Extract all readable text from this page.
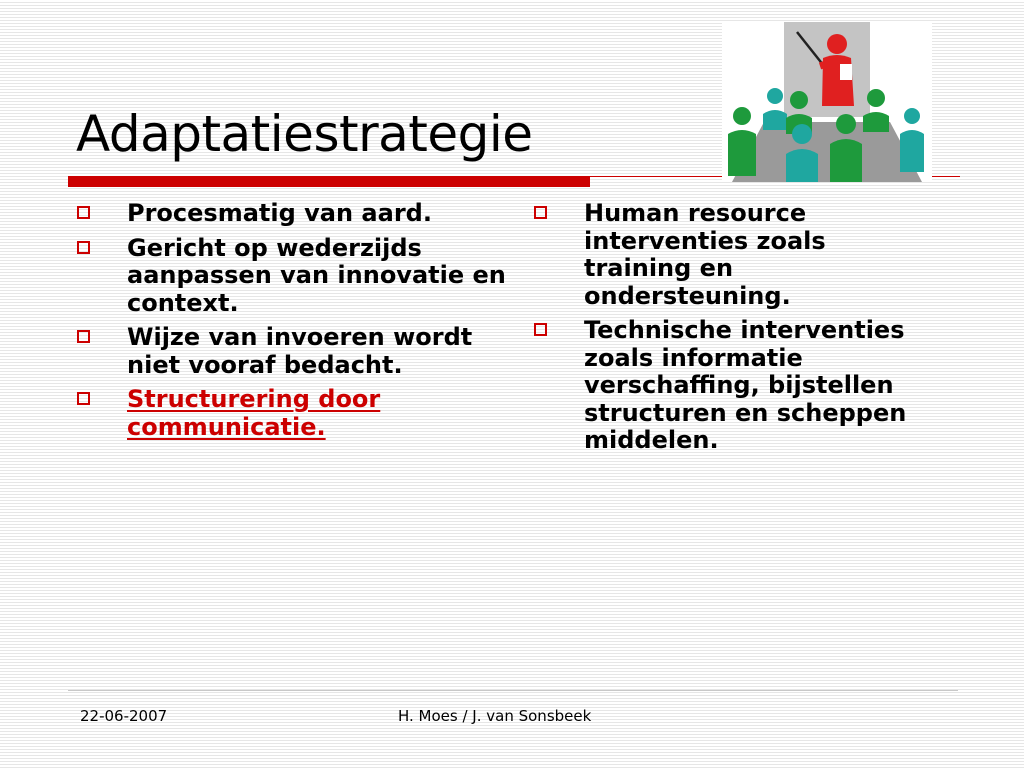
Adaptatiestrategie
Procesmatig van aard.
Gericht op wederzijds aanpassen van innovatie en context.
Wijze van invoeren wordt niet vooraf bedacht.
Structurering door communicatie.
Human resource interventies zoals training en ondersteuning.
Technische interventies zoals informatie verschaffing, bijstellen structuren en scheppen middelen.
22-06-2007	H. Moes / J. van Sonsbeek
